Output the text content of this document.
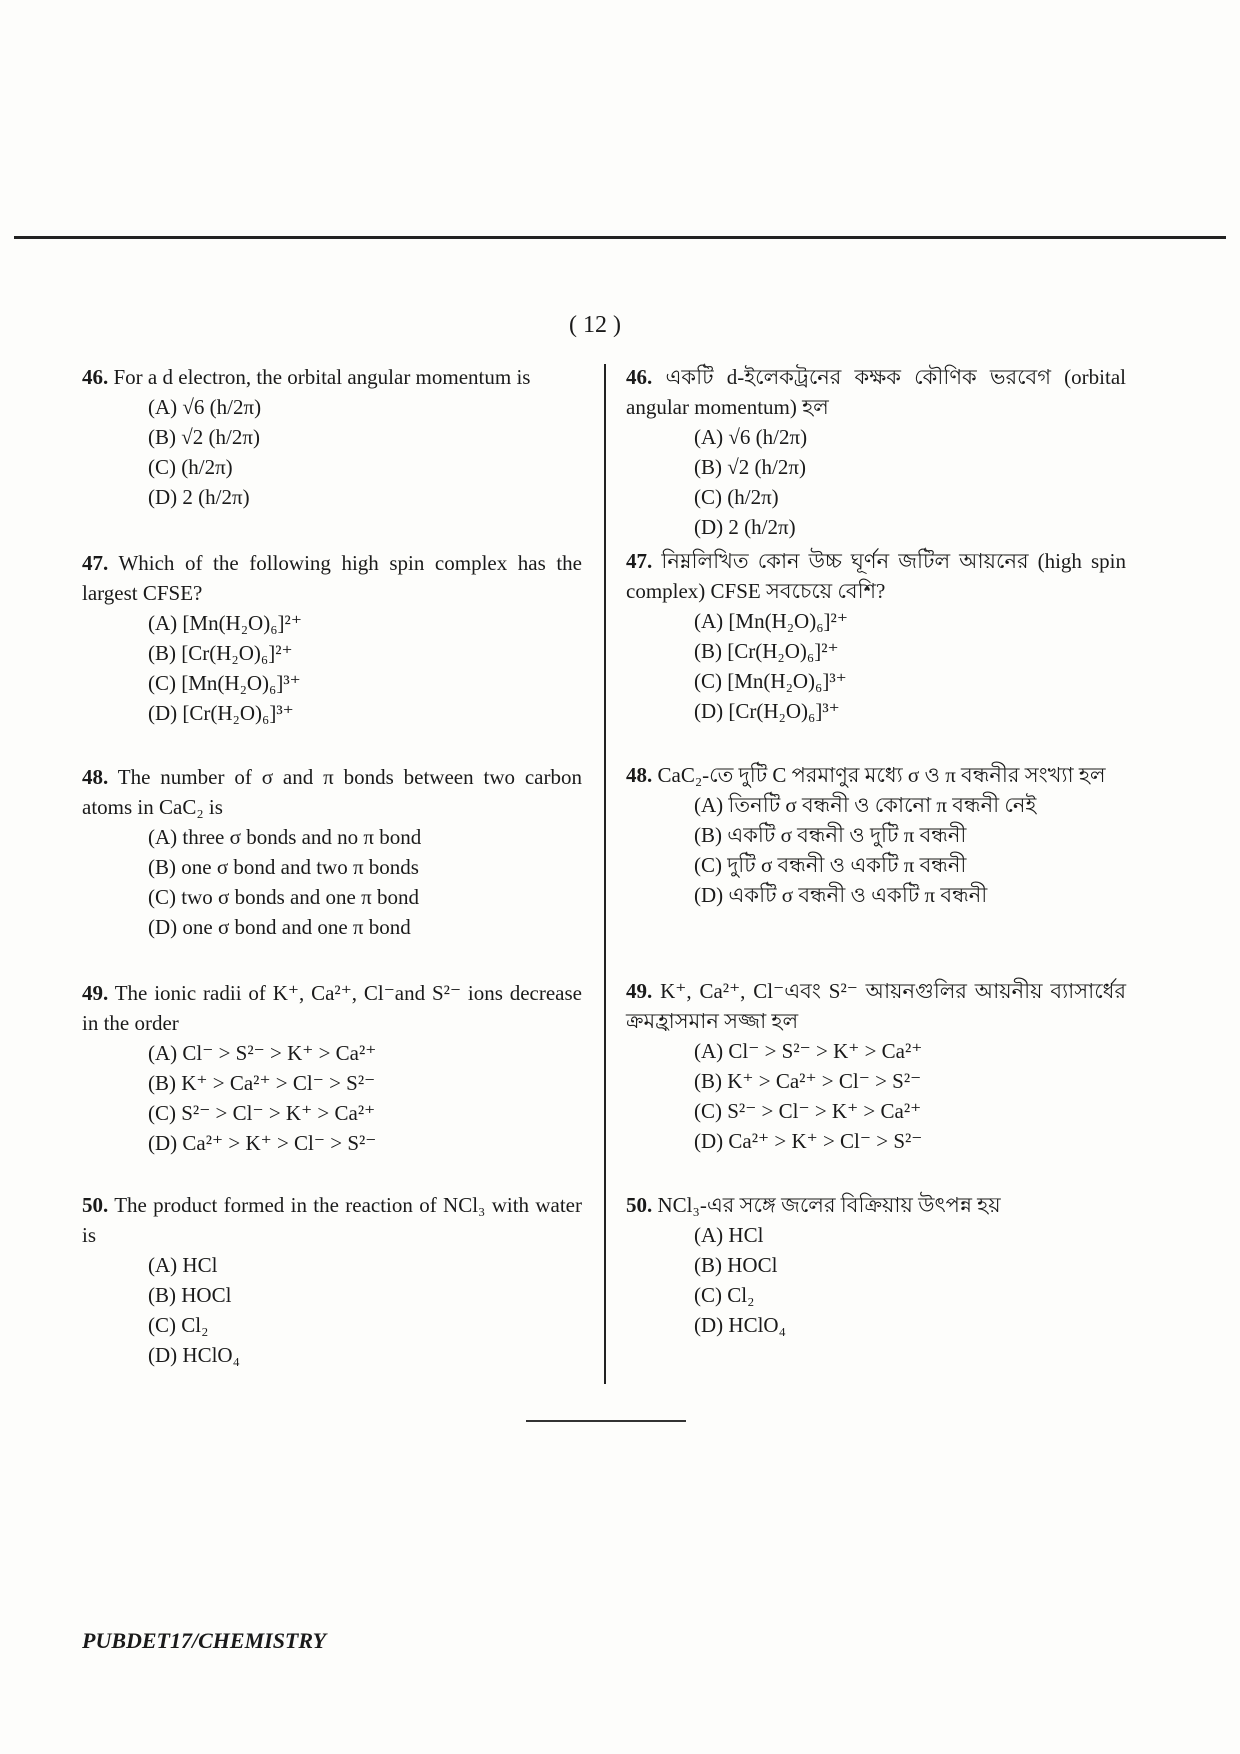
( 12 )
46. For a d electron, the orbital angular momentum is
(A) √6 (h/2π)
(B) √2 (h/2π)
(C) (h/2π)
(D) 2 (h/2π)
47. Which of the following high spin complex has the largest CFSE?
(A) [Mn(H₂O)₆]²⁺
(B) [Cr(H₂O)₆]²⁺
(C) [Mn(H₂O)₆]³⁺
(D) [Cr(H₂O)₆]³⁺
48. The number of σ and π bonds between two carbon atoms in CaC₂ is
(A) three σ bonds and no π bond
(B) one σ bond and two π bonds
(C) two σ bonds and one π bond
(D) one σ bond and one π bond
49. The ionic radii of K⁺, Ca²⁺, Cl⁻and S²⁻ ions decrease in the order
(A) Cl⁻ > S²⁻ > K⁺ > Ca²⁺
(B) K⁺ > Ca²⁺ > Cl⁻ > S²⁻
(C) S²⁻ > Cl⁻ > K⁺ > Ca²⁺
(D) Ca²⁺ > K⁺ > Cl⁻ > S²⁻
50. The product formed in the reaction of NCl₃ with water is
(A) HCl
(B) HOCl
(C) Cl₂
(D) HClO₄
46. একটি d-ইলেকট্রনের কক্ষক কৌণিক ভরবেগ (orbital angular momentum) হল
(A) √6 (h/2π)
(B) √2 (h/2π)
(C) (h/2π)
(D) 2 (h/2π)
47. নিম্নলিখিত কোন উচ্চ ঘূর্ণন জটিল আয়নের (high spin complex) CFSE সবচেয়ে বেশি?
(A) [Mn(H₂O)₆]²⁺
(B) [Cr(H₂O)₆]²⁺
(C) [Mn(H₂O)₆]³⁺
(D) [Cr(H₂O)₆]³⁺
48. CaC₂-তে দুটি C পরমাণুর মধ্যে σ ও π বন্ধনীর সংখ্যা হল
(A) তিনটি σ বন্ধনী ও কোনো π বন্ধনী নেই
(B) একটি σ বন্ধনী ও দুটি π বন্ধনী
(C) দুটি σ বন্ধনী ও একটি π বন্ধনী
(D) একটি σ বন্ধনী ও একটি π বন্ধনী
49. K⁺, Ca²⁺, Cl⁻এবং S²⁻ আয়নগুলির আয়নীয় ব্যাসার্ধের ক্রমহ্রাসমান সজ্জা হল
(A) Cl⁻ > S²⁻ > K⁺ > Ca²⁺
(B) K⁺ > Ca²⁺ > Cl⁻ > S²⁻
(C) S²⁻ > Cl⁻ > K⁺ > Ca²⁺
(D) Ca²⁺ > K⁺ > Cl⁻ > S²⁻
50. NCl₃-এর সঙ্গে জলের বিক্রিয়ায় উৎপন্ন হয়
(A) HCl
(B) HOCl
(C) Cl₂
(D) HClO₄
PUBDET17/CHEMISTRY
